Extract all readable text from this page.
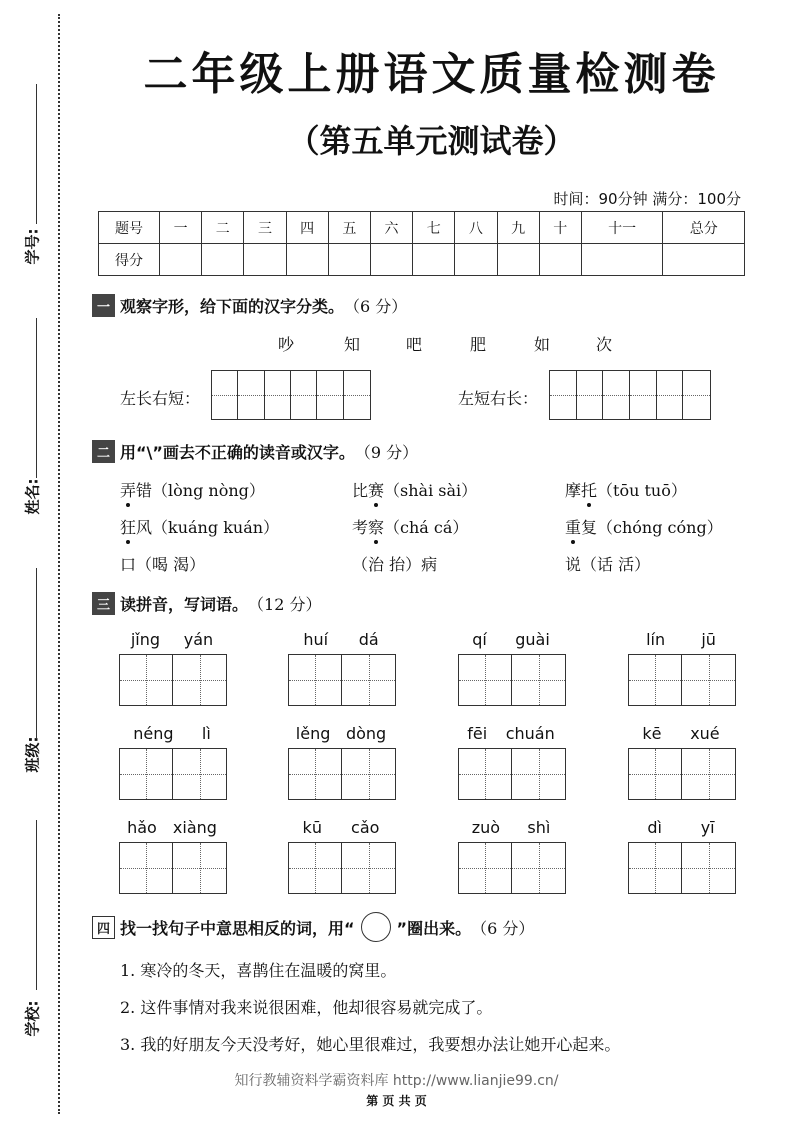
学号:
姓名:
班级:
学校:
二年级上册语文质量检测卷
（第五单元测试卷）
时间：90分钟 满分：100分
题号	一	二	三	四	五	六	七	八	九	十	十一	总分
得分												
一 观察字形，给下面的汉字分类。 （6 分）
吵	知	吧	肥	如	次
左长右短：	左短右长：
二 用“\”画去不正确的读音或汉字。 （9 分）
弄错（lòng nòng）	比赛（shài sài）	摩托（tōu tuō）
狂风（kuáng kuán）	考察（chá cá）	重复（chóng cóng）
口（喝 渴）	（治 抬）病	说（话 活）
三 读拼音，写词语。 （12 分）
jǐng yán	huí dá	qí guài	lín jū
néng lì	lěng dòng	fēi chuán	kē xué
hǎo xiàng	kū cǎo	zuò shì	dì yī
四 找一找句子中意思相反的词，用“	”圈出来。 （6 分）
1. 寒冷的冬天，喜鹊住在温暖的窝里。
2. 这件事情对我来说很困难，他却很容易就完成了。
3. 我的好朋友今天没考好，她心里很难过，我要想办法让她开心起来。
知行教辅资料学霸资料库 http://www.lianjie99.cn/
第 页 共 页
